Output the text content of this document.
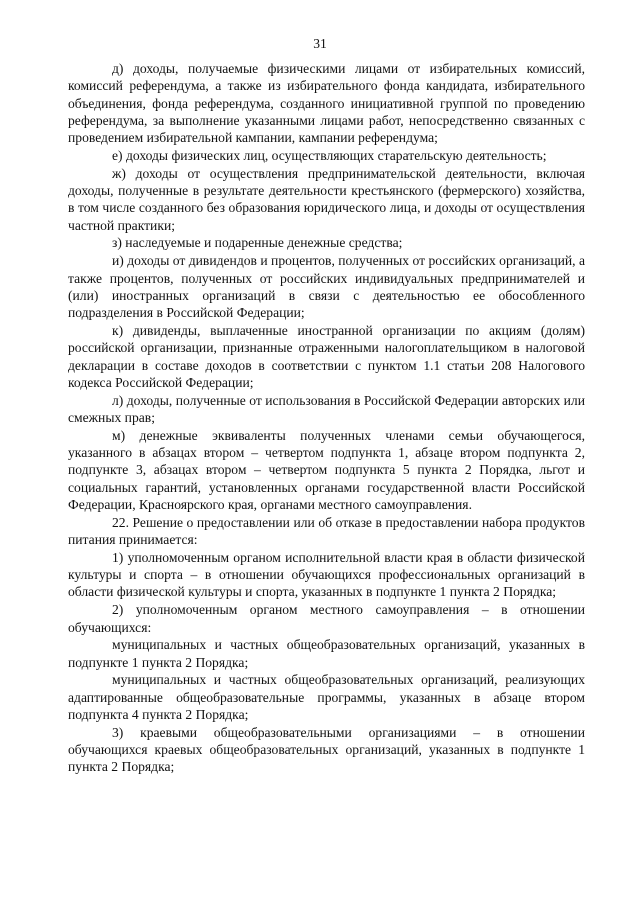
31

д) доходы, получаемые физическими лицами от избирательных комиссий, комиссий референдума, а также из избирательного фонда кандидата, избирательного объединения, фонда референдума, созданного инициативной группой по проведению референдума, за выполнение указанными лицами работ, непосредственно связанных с проведением избирательной кампании, кампании референдума;

е) доходы физических лиц, осуществляющих старательскую деятельность;

ж) доходы от осуществления предпринимательской деятельности, включая доходы, полученные в результате деятельности крестьянского (фермерского) хозяйства, в том числе созданного без образования юридического лица, и доходы от осуществления частной практики;

з) наследуемые и подаренные денежные средства;

и) доходы от дивидендов и процентов, полученных от российских организаций, а также процентов, полученных от российских индивидуальных предпринимателей и (или) иностранных организаций в связи с деятельностью ее обособленного подразделения в Российской Федерации;

к) дивиденды, выплаченные иностранной организации по акциям (долям) российской организации, признанные отраженными налогоплательщиком в налоговой декларации в составе доходов в соответствии с пунктом 1.1 статьи 208 Налогового кодекса Российской Федерации;

л) доходы, полученные от использования в Российской Федерации авторских или смежных прав;

м) денежные эквиваленты полученных членами семьи обучающегося, указанного в абзацах втором – четвертом подпункта 1, абзаце втором подпункта 2, подпункте 3, абзацах втором – четвертом подпункта 5 пункта 2 Порядка, льгот и социальных гарантий, установленных органами государственной власти Российской Федерации, Красноярского края, органами местного самоуправления.

22. Решение о предоставлении или об отказе в предоставлении набора продуктов питания принимается:

1) уполномоченным органом исполнительной власти края в области физической культуры и спорта – в отношении обучающихся профессиональных организаций в области физической культуры и спорта, указанных в подпункте 1 пункта 2 Порядка;

2) уполномоченным органом местного самоуправления – в отношении обучающихся:

муниципальных и частных общеобразовательных организаций, указанных в подпункте 1 пункта 2 Порядка;

муниципальных и частных общеобразовательных организаций, реализующих адаптированные общеобразовательные программы, указанных в абзаце втором подпункта 4 пункта 2 Порядка;

3) краевыми общеобразовательными организациями – в отношении обучающихся краевых общеобразовательных организаций, указанных в подпункте 1 пункта 2 Порядка;
